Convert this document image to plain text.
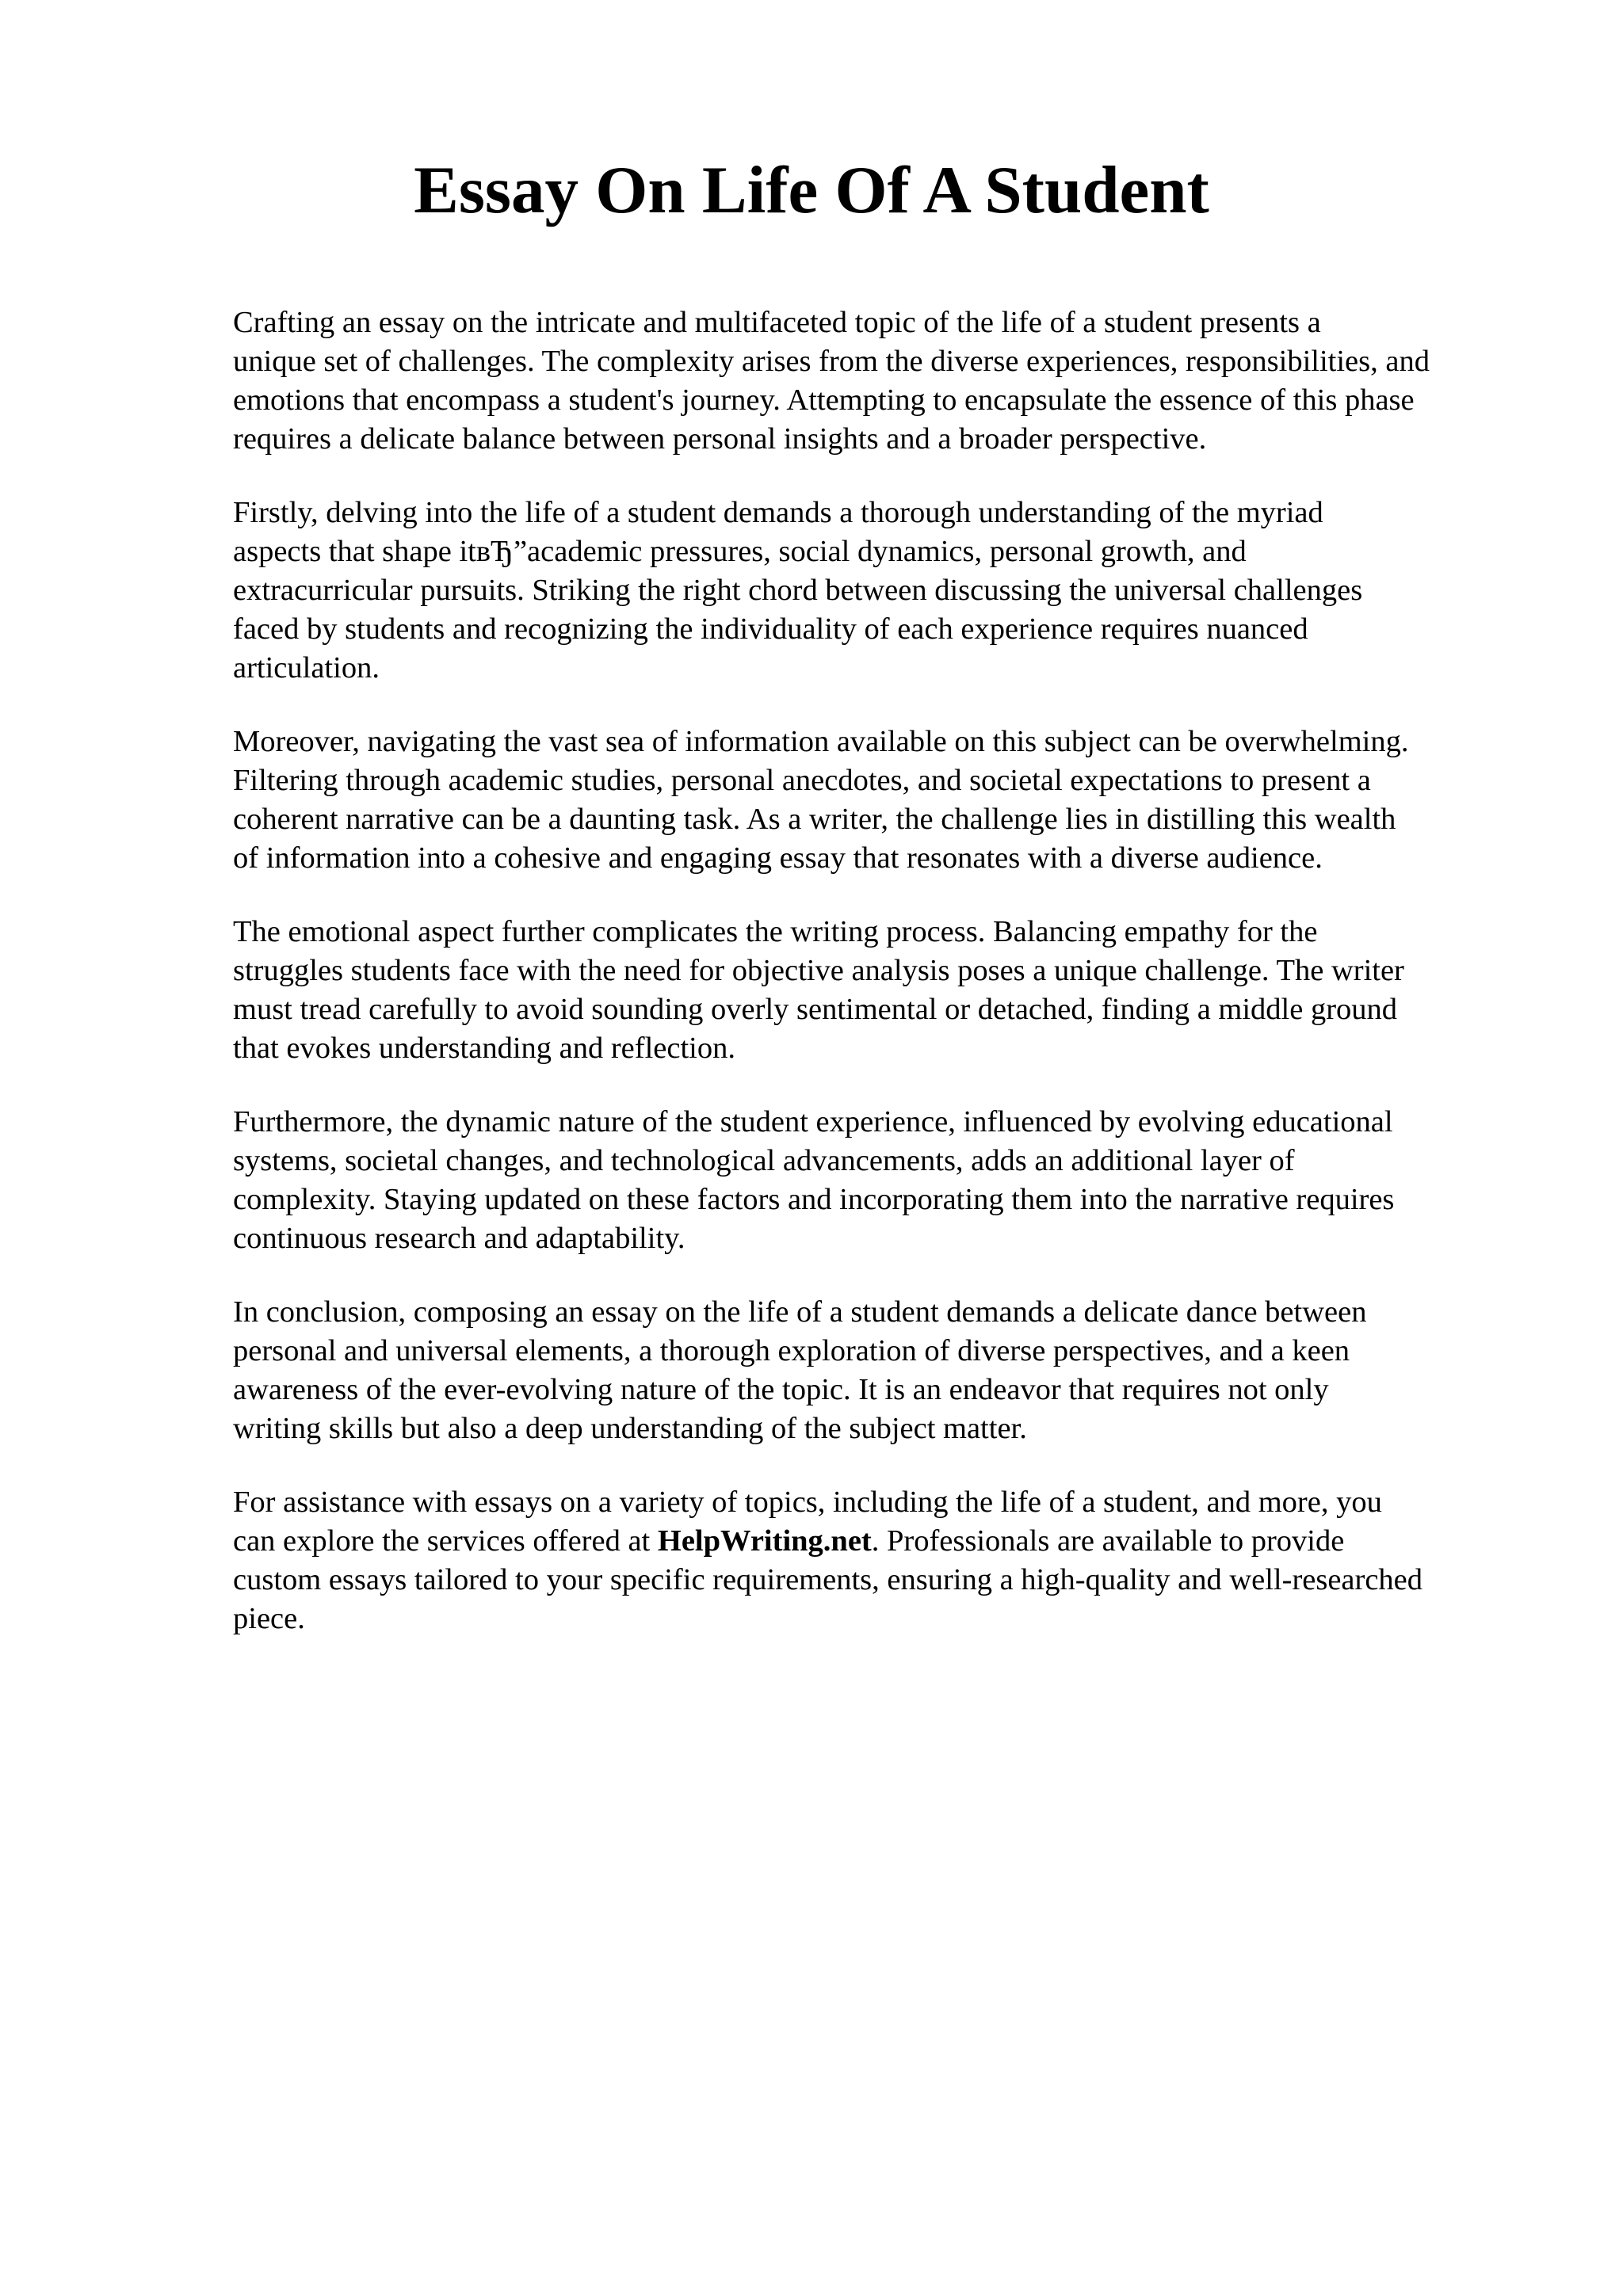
Essay On Life Of A Student

Crafting an essay on the intricate and multifaceted topic of the life of a student presents a
unique set of challenges. The complexity arises from the diverse experiences, responsibilities, and
emotions that encompass a student's journey. Attempting to encapsulate the essence of this phase
requires a delicate balance between personal insights and a broader perspective.

Firstly, delving into the life of a student demands a thorough understanding of the myriad
aspects that shape itвЂ”academic pressures, social dynamics, personal growth, and
extracurricular pursuits. Striking the right chord between discussing the universal challenges
faced by students and recognizing the individuality of each experience requires nuanced
articulation.

Moreover, navigating the vast sea of information available on this subject can be overwhelming.
Filtering through academic studies, personal anecdotes, and societal expectations to present a
coherent narrative can be a daunting task. As a writer, the challenge lies in distilling this wealth
of information into a cohesive and engaging essay that resonates with a diverse audience.

The emotional aspect further complicates the writing process. Balancing empathy for the
struggles students face with the need for objective analysis poses a unique challenge. The writer
must tread carefully to avoid sounding overly sentimental or detached, finding a middle ground
that evokes understanding and reflection.

Furthermore, the dynamic nature of the student experience, influenced by evolving educational
systems, societal changes, and technological advancements, adds an additional layer of
complexity. Staying updated on these factors and incorporating them into the narrative requires
continuous research and adaptability.

In conclusion, composing an essay on the life of a student demands a delicate dance between
personal and universal elements, a thorough exploration of diverse perspectives, and a keen
awareness of the ever-evolving nature of the topic. It is an endeavor that requires not only
writing skills but also a deep understanding of the subject matter.

For assistance with essays on a variety of topics, including the life of a student, and more, you
can explore the services offered at HelpWriting.net. Professionals are available to provide
custom essays tailored to your specific requirements, ensuring a high-quality and well-researched
piece.
